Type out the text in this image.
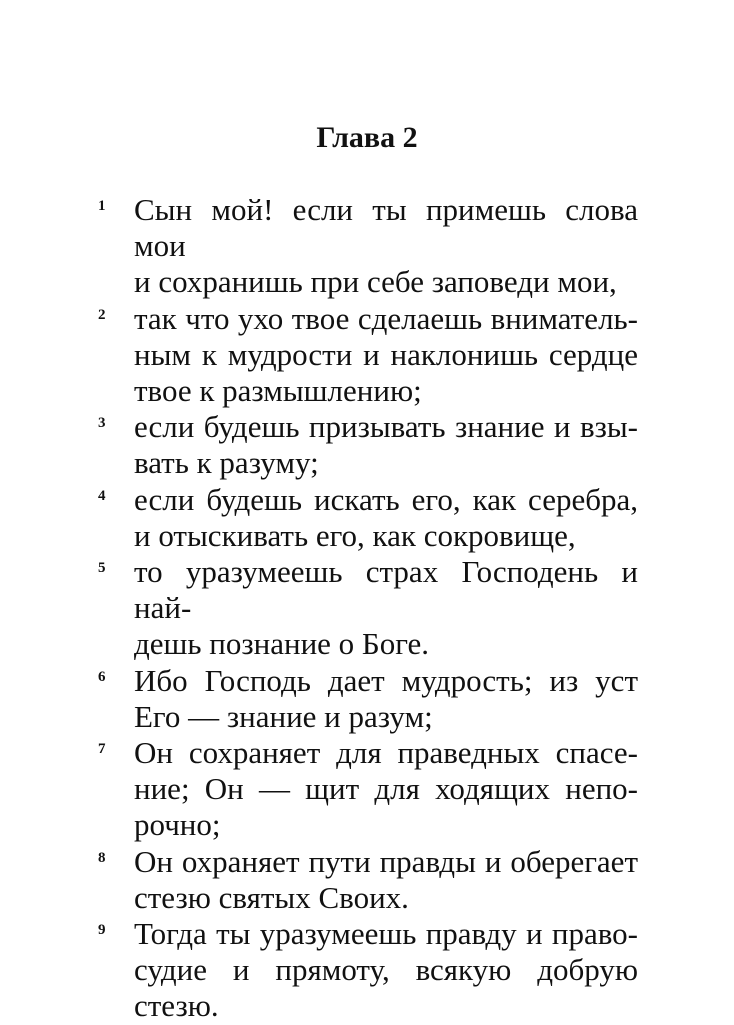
Глава 2
1 Сын мой! если ты примешь слова мои
и сохранишь при себе заповеди мои,
2 так что ухо твое сделаешь вниматель-
ным к мудрости и наклонишь сердце
твое к размышлению;
3 если будешь призывать знание и взы-
вать к разуму;
4 если будешь искать его, как серебра,
и отыскивать его, как сокровище,
5 то уразумеешь страх Господень и най-
дешь познание о Боге.
6 Ибо Господь дает мудрость; из уст
Его — знание и разум;
7 Он сохраняет для праведных спасе-
ние; Он — щит для ходящих непо-
рочно;
8 Он охраняет пути правды и оберегает
стезю святых Своих.
9 Тогда ты уразумеешь правду и право-
судие и прямоту, всякую добрую стезю.
